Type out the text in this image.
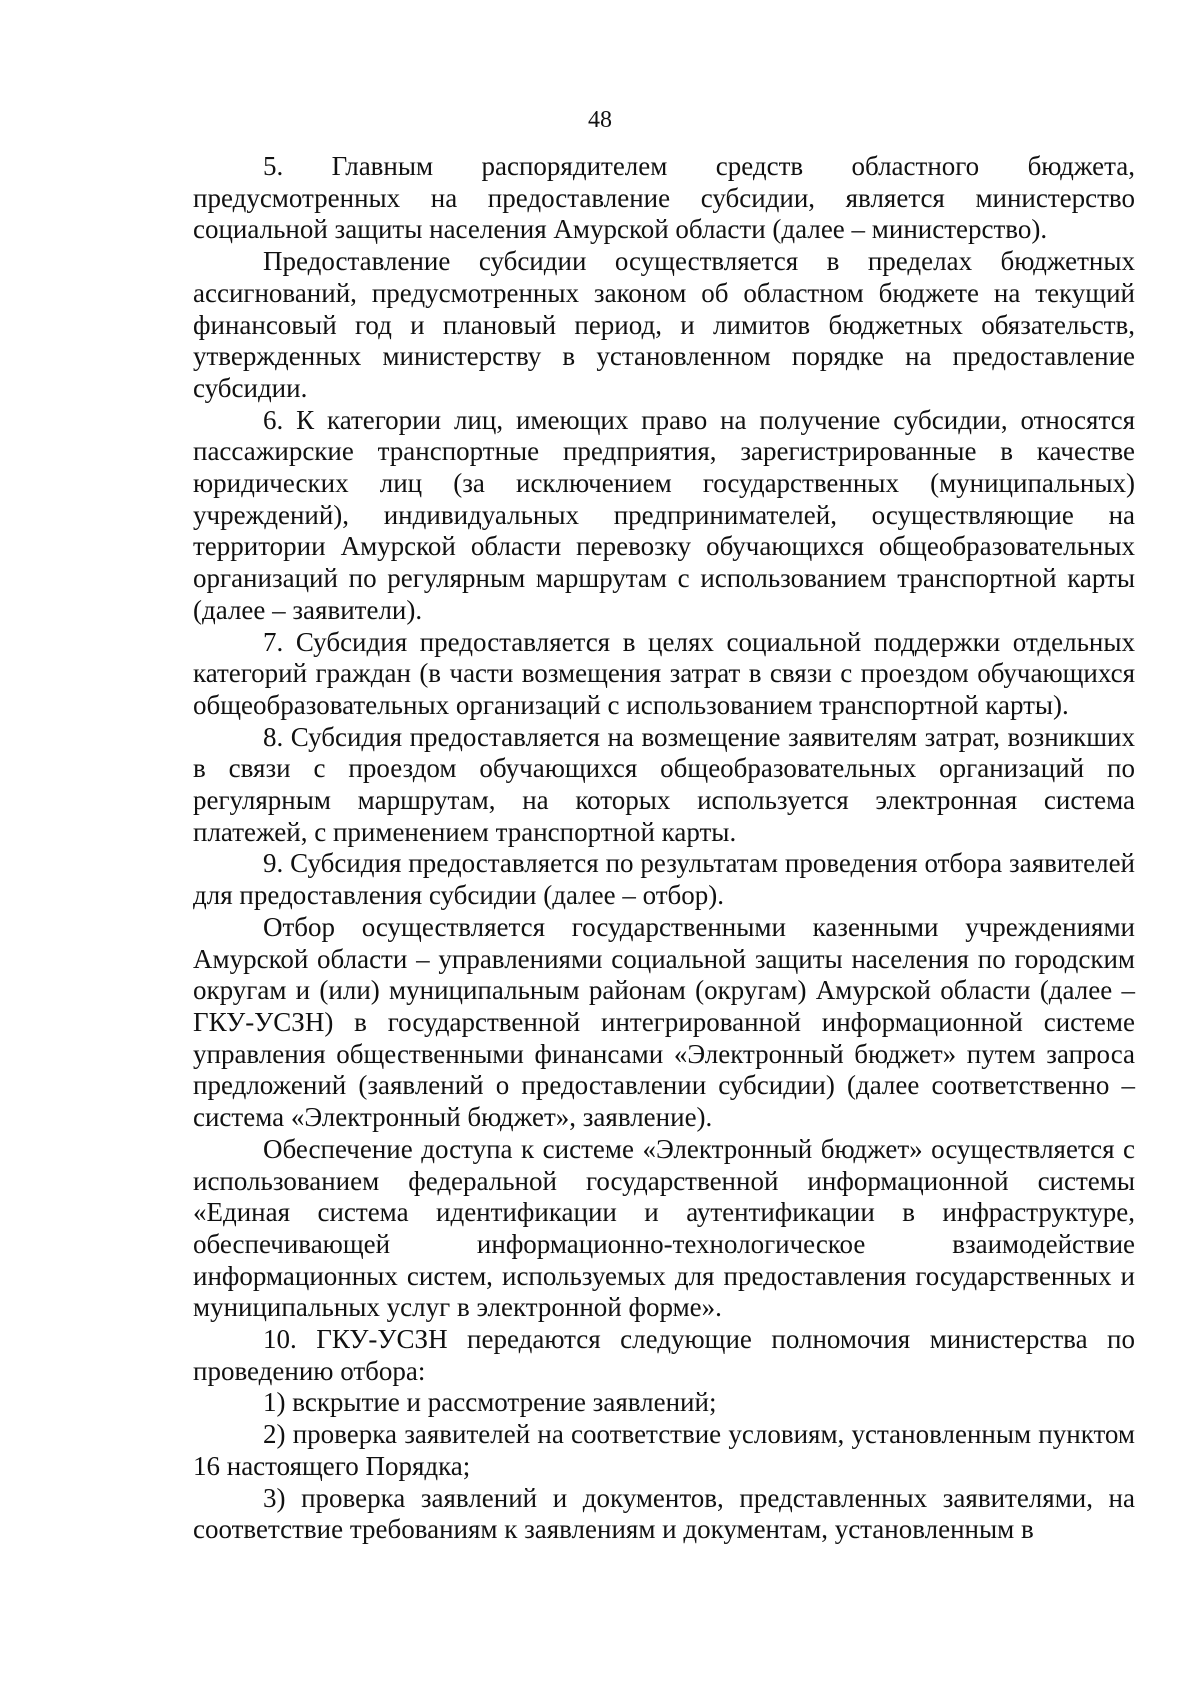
48

5. Главным распорядителем средств областного бюджета, предусмотренных на предоставление субсидии, является министерство социальной защиты населения Амурской области (далее – министерство).

Предоставление субсидии осуществляется в пределах бюджетных ассигнований, предусмотренных законом об областном бюджете на текущий финансовый год и плановый период, и лимитов бюджетных обязательств, утвержденных министерству в установленном порядке на предоставление субсидии.

6. К категории лиц, имеющих право на получение субсидии, относятся пассажирские транспортные предприятия, зарегистрированные в качестве юридических лиц (за исключением государственных (муниципальных) учреждений), индивидуальных предпринимателей, осуществляющие на территории Амурской области перевозку обучающихся общеобразовательных организаций по регулярным маршрутам с использованием транспортной карты (далее – заявители).

7. Субсидия предоставляется в целях социальной поддержки отдельных категорий граждан (в части возмещения затрат в связи с проездом обучающихся общеобразовательных организаций с использованием транспортной карты).

8. Субсидия предоставляется на возмещение заявителям затрат, возникших в связи с проездом обучающихся общеобразовательных организаций по регулярным маршрутам, на которых используется электронная система платежей, с применением транспортной карты.

9. Субсидия предоставляется по результатам проведения отбора заявителей для предоставления субсидии (далее – отбор).

Отбор осуществляется государственными казенными учреждениями Амурской области – управлениями социальной защиты населения по городским округам и (или) муниципальным районам (округам) Амурской области (далее – ГКУ-УСЗН) в государственной интегрированной информационной системе управления общественными финансами «Электронный бюджет» путем запроса предложений (заявлений о предоставлении субсидии) (далее соответственно – система «Электронный бюджет», заявление).

Обеспечение доступа к системе «Электронный бюджет» осуществляется с использованием федеральной государственной информационной системы «Единая система идентификации и аутентификации в инфраструктуре, обеспечивающей информационно-технологическое взаимодействие информационных систем, используемых для предоставления государственных и муниципальных услуг в электронной форме».

10. ГКУ-УСЗН передаются следующие полномочия министерства по проведению отбора:

1) вскрытие и рассмотрение заявлений;

2) проверка заявителей на соответствие условиям, установленным пунктом 16 настоящего Порядка;

3) проверка заявлений и документов, представленных заявителями, на соответствие требованиям к заявлениям и документам, установленным в
